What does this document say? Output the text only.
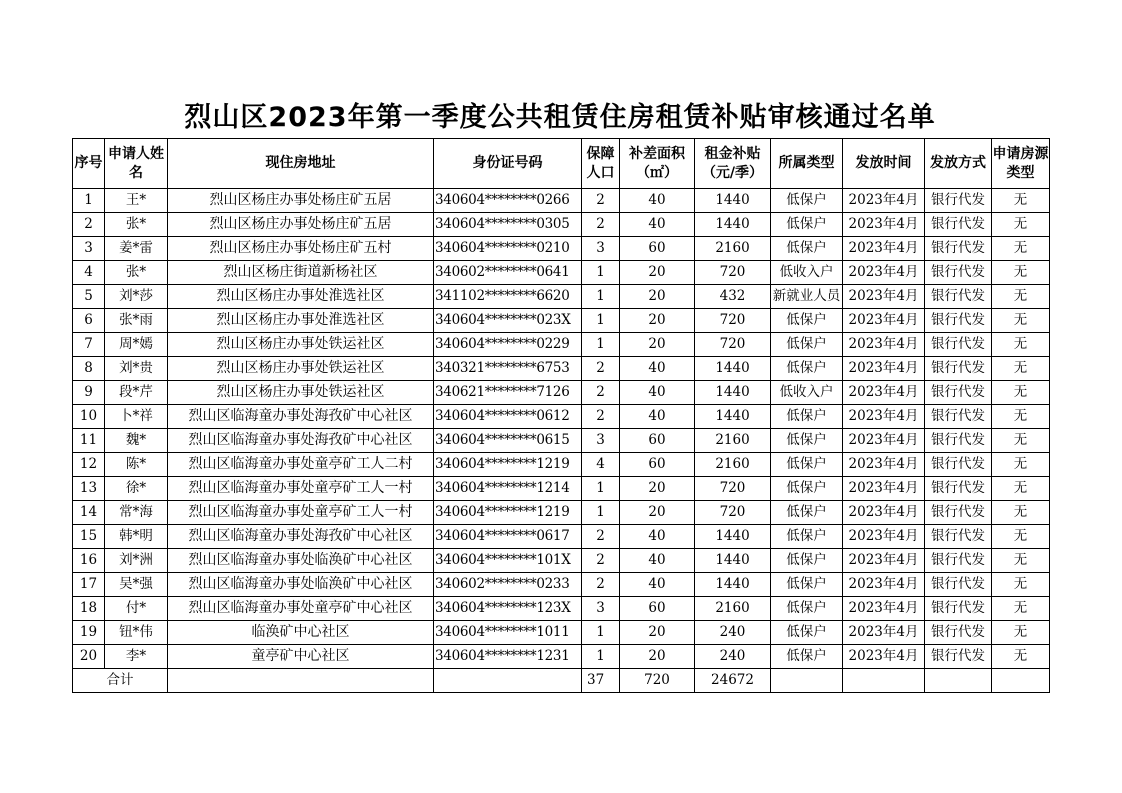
烈山区2023年第一季度公共租赁住房租赁补贴审核通过名单
序号	申请人姓名	现住房地址	身份证号码	保障人口	补差面积（㎡）	租金补贴（元/季）	所属类型	发放时间	发放方式	申请房源类型
1	王*	烈山区杨庄办事处杨庄矿五居	340604********0266	2	40	1440	低保户	2023年4月	银行代发	无
2	张*	烈山区杨庄办事处杨庄矿五居	340604********0305	2	40	1440	低保户	2023年4月	银行代发	无
3	姜*雷	烈山区杨庄办事处杨庄矿五村	340604********0210	3	60	2160	低保户	2023年4月	银行代发	无
4	张*	烈山区杨庄街道新杨社区	340602********0641	1	20	720	低收入户	2023年4月	银行代发	无
5	刘*莎	烈山区杨庄办事处淮选社区	341102********6620	1	20	432	新就业人员	2023年4月	银行代发	无
6	张*雨	烈山区杨庄办事处淮选社区	340604********023X	1	20	720	低保户	2023年4月	银行代发	无
7	周*嫣	烈山区杨庄办事处铁运社区	340604********0229	1	20	720	低保户	2023年4月	银行代发	无
8	刘*贵	烈山区杨庄办事处铁运社区	340321********6753	2	40	1440	低保户	2023年4月	银行代发	无
9	段*芹	烈山区杨庄办事处铁运社区	340621********7126	2	40	1440	低收入户	2023年4月	银行代发	无
10	卜*祥	烈山区临海童办事处海孜矿中心社区	340604********0612	2	40	1440	低保户	2023年4月	银行代发	无
11	魏*	烈山区临海童办事处海孜矿中心社区	340604********0615	3	60	2160	低保户	2023年4月	银行代发	无
12	陈*	烈山区临海童办事处童亭矿工人二村	340604********1219	4	60	2160	低保户	2023年4月	银行代发	无
13	徐*	烈山区临海童办事处童亭矿工人一村	340604********1214	1	20	720	低保户	2023年4月	银行代发	无
14	常*海	烈山区临海童办事处童亭矿工人一村	340604********1219	1	20	720	低保户	2023年4月	银行代发	无
15	韩*明	烈山区临海童办事处海孜矿中心社区	340604********0617	2	40	1440	低保户	2023年4月	银行代发	无
16	刘*洲	烈山区临海童办事处临涣矿中心社区	340604********101X	2	40	1440	低保户	2023年4月	银行代发	无
17	吴*强	烈山区临海童办事处临涣矿中心社区	340602********0233	2	40	1440	低保户	2023年4月	银行代发	无
18	付*	烈山区临海童办事处童亭矿中心社区	340604********123X	3	60	2160	低保户	2023年4月	银行代发	无
19	钮*伟	临涣矿中心社区	340604********1011	1	20	240	低保户	2023年4月	银行代发	无
20	李*	童亭矿中心社区	340604********1231	1	20	240	低保户	2023年4月	银行代发	无
合计				37	720	24672				
